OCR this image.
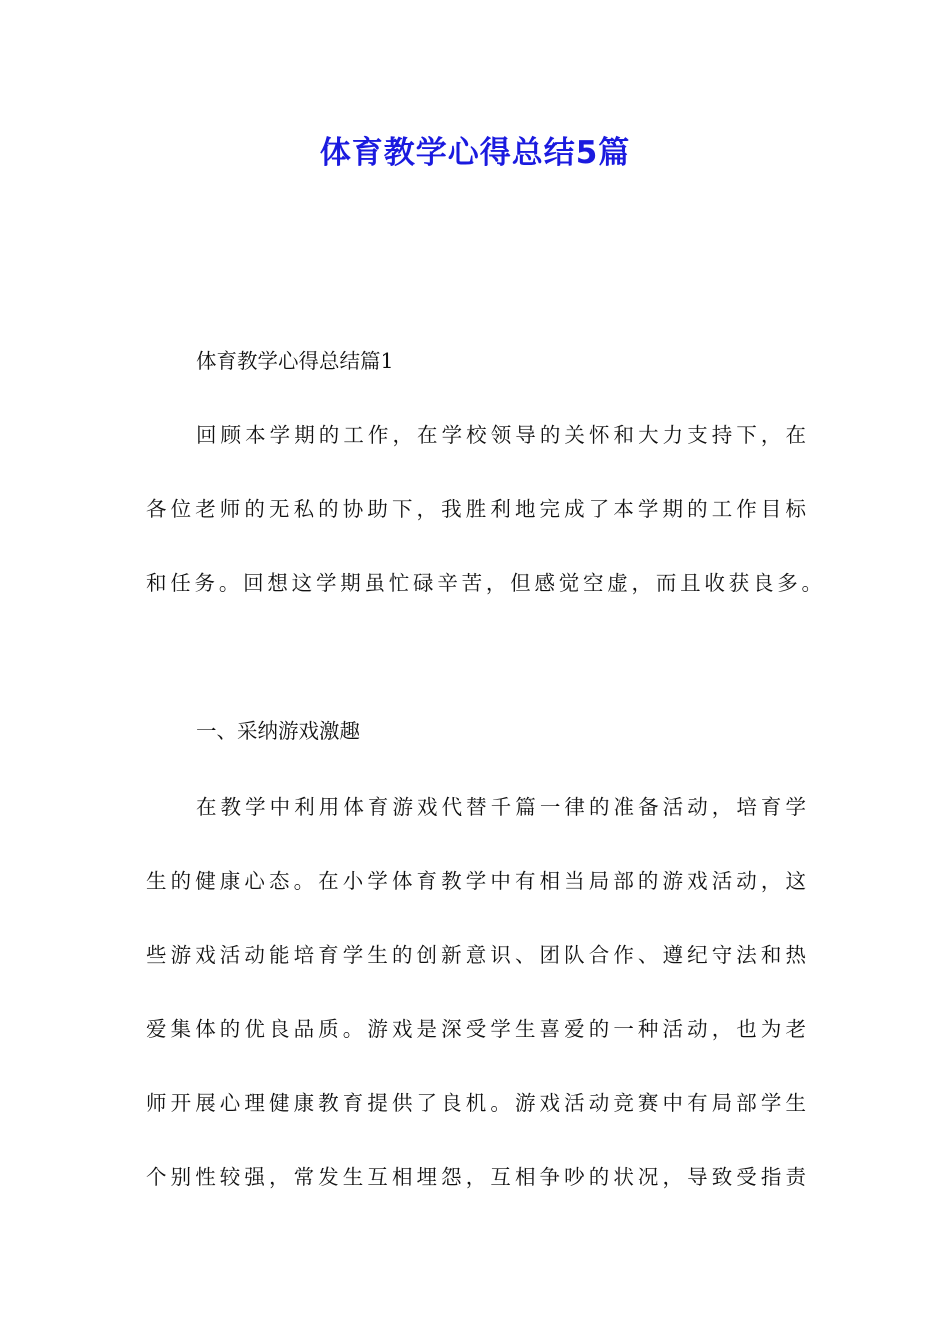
体育教学心得总结5篇
体育教学心得总结篇1
回顾本学期的工作，在学校领导的关怀和大力支持下，在
各位老师的无私的协助下，我胜利地完成了本学期的工作目标
和任务。回想这学期虽忙碌辛苦，但感觉空虚，而且收获良多。
一、采纳游戏激趣
在教学中利用体育游戏代替千篇一律的准备活动，培育学
生的健康心态。在小学体育教学中有相当局部的游戏活动，这
些游戏活动能培育学生的创新意识、团队合作、遵纪守法和热
爱集体的优良品质。游戏是深受学生喜爱的一种活动，也为老
师开展心理健康教育提供了良机。游戏活动竞赛中有局部学生
个别性较强，常发生互相埋怨，互相争吵的状况，导致受指责
